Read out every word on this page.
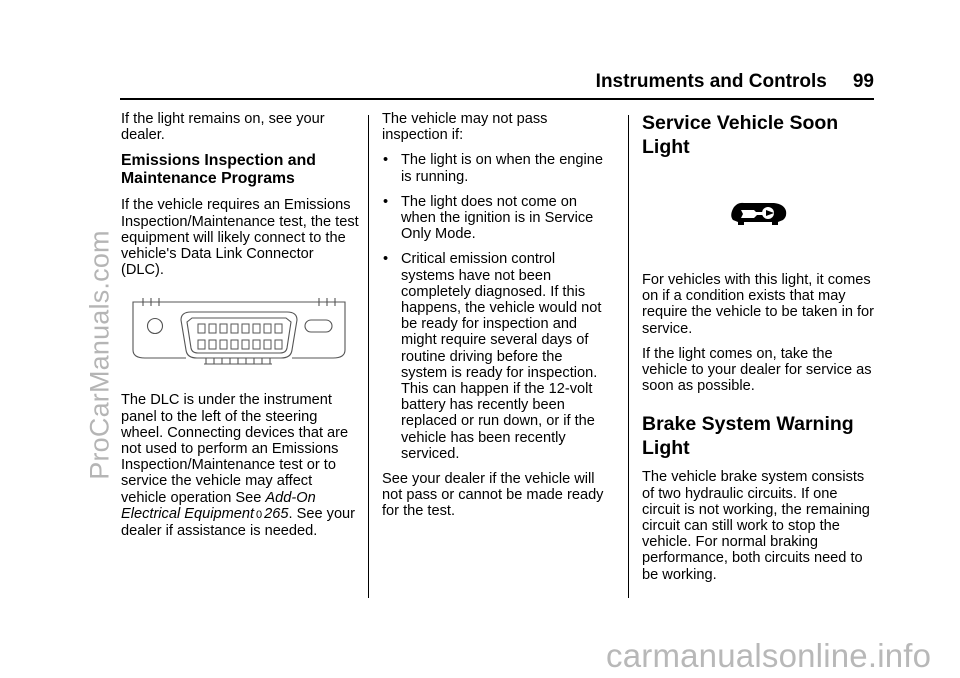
ProCarManuals.com
carmanualsonline.info
Instruments and Controls 99

If the light remains on, see your dealer.

Emissions Inspection and Maintenance Programs

If the vehicle requires an Emissions Inspection/Maintenance test, the test equipment will likely connect to the vehicle's Data Link Connector (DLC).

The DLC is under the instrument panel to the left of the steering wheel. Connecting devices that are not used to perform an Emissions Inspection/Maintenance test or to service the vehicle may affect vehicle operation See Add-On Electrical Equipment 0 265. See your dealer if assistance is needed.

The vehicle may not pass inspection if:

• The light is on when the engine is running.
• The light does not come on when the ignition is in Service Only Mode.
• Critical emission control systems have not been completely diagnosed. If this happens, the vehicle would not be ready for inspection and might require several days of routine driving before the system is ready for inspection. This can happen if the 12-volt battery has recently been replaced or run down, or if the vehicle has been recently serviced.

See your dealer if the vehicle will not pass or cannot be made ready for the test.

Service Vehicle Soon Light

For vehicles with this light, it comes on if a condition exists that may require the vehicle to be taken in for service.

If the light comes on, take the vehicle to your dealer for service as soon as possible.

Brake System Warning Light

The vehicle brake system consists of two hydraulic circuits. If one circuit is not working, the remaining circuit can still work to stop the vehicle. For normal braking performance, both circuits need to be working.
